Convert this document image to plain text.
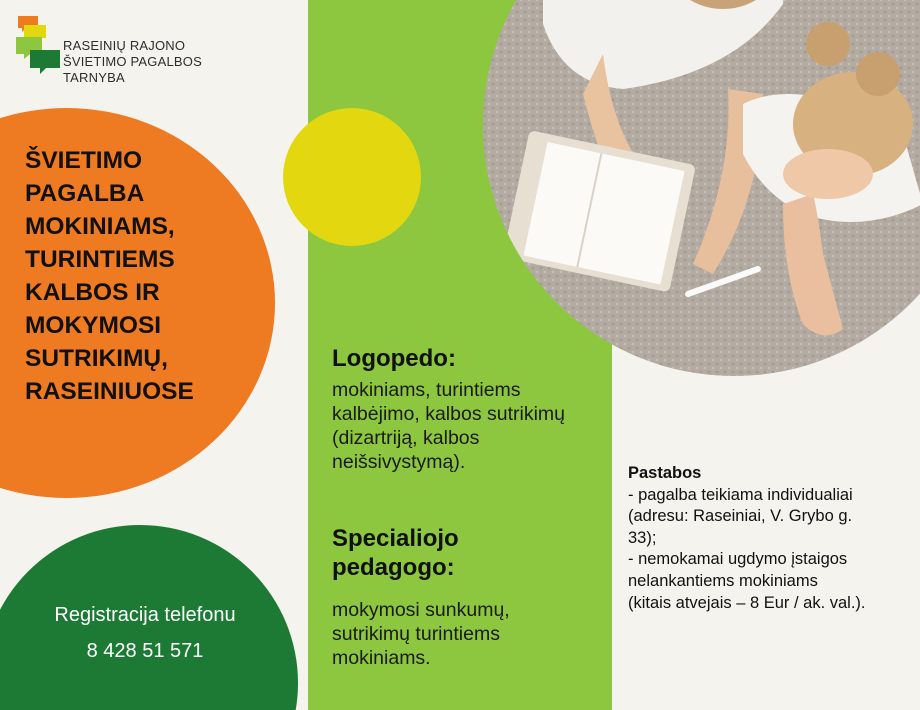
RASEINIŲ RAJONO
ŠVIETIMO PAGALBOS
TARNYBA
ŠVIETIMO
PAGALBA
MOKINIAMS,
TURINTIEMS
KALBOS IR
MOKYMOSI
SUTRIKIMŲ,
RASEINIUOSE
Registracija telefonu
8 428 51 571
Logopedo:
mokiniams, turintiems
kalbėjimo, kalbos sutrikimų
(dizartriją, kalbos
neišsivystymą).
Specialiojo
pedagogo:
mokymosi sunkumų,
sutrikimų turintiems
mokiniams.
Pastabos
- pagalba teikiama individualiai
(adresu: Raseiniai, V. Grybo g.
33);
- nemokamai ugdymo įstaigos
nelankantiems mokiniams
(kitais atvejais – 8 Eur / ak. val.).
